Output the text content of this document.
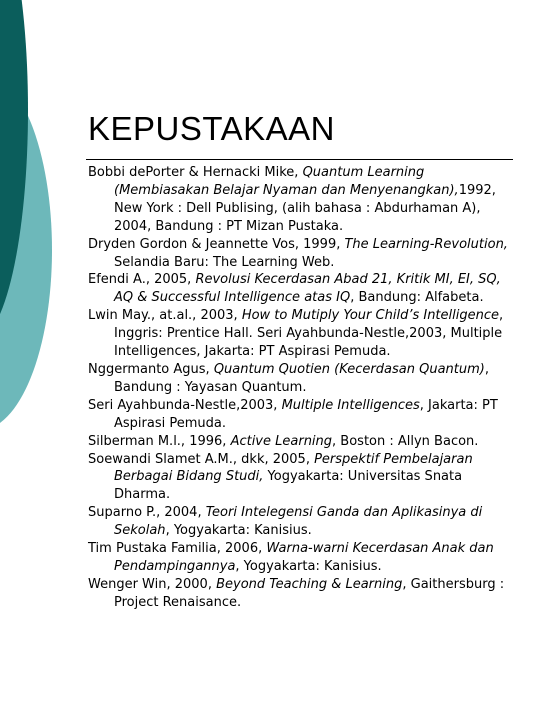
KEPUSTAKAAN
Bobbi dePorter & Hernacki Mike, Quantum Learning (Membiasakan Belajar Nyaman dan Menyenangkan),1992, New York : Dell Publising, (alih bahasa : Abdurhaman A), 2004, Bandung : PT Mizan Pustaka.
Dryden Gordon & Jeannette Vos, 1999, The Learning-Revolution, Selandia Baru: The Learning Web.
Efendi A., 2005, Revolusi Kecerdasan Abad 21, Kritik MI, EI, SQ, AQ & Successful Intelligence atas IQ, Bandung: Alfabeta.
Lwin May., at.al., 2003, How to Mutiply Your Child’s Intelligence, Inggris: Prentice Hall. Seri Ayahbunda-Nestle,2003, Multiple Intelligences, Jakarta: PT Aspirasi Pemuda.
Nggermanto Agus, Quantum Quotien (Kecerdasan Quantum), Bandung : Yayasan Quantum.
Seri Ayahbunda-Nestle,2003, Multiple Intelligences, Jakarta: PT Aspirasi Pemuda.
Silberman M.l., 1996, Active Learning, Boston : Allyn Bacon.
Soewandi Slamet A.M., dkk, 2005, Perspektif Pembelajaran Berbagai Bidang Studi, Yogyakarta: Universitas Snata Dharma.
Suparno P., 2004, Teori Intelegensi Ganda dan Aplikasinya di Sekolah, Yogyakarta: Kanisius.
Tim Pustaka Familia, 2006, Warna-warni Kecerdasan Anak dan Pendampingannya, Yogyakarta: Kanisius.
Wenger Win, 2000, Beyond Teaching & Learning, Gaithersburg : Project Renaisance.
